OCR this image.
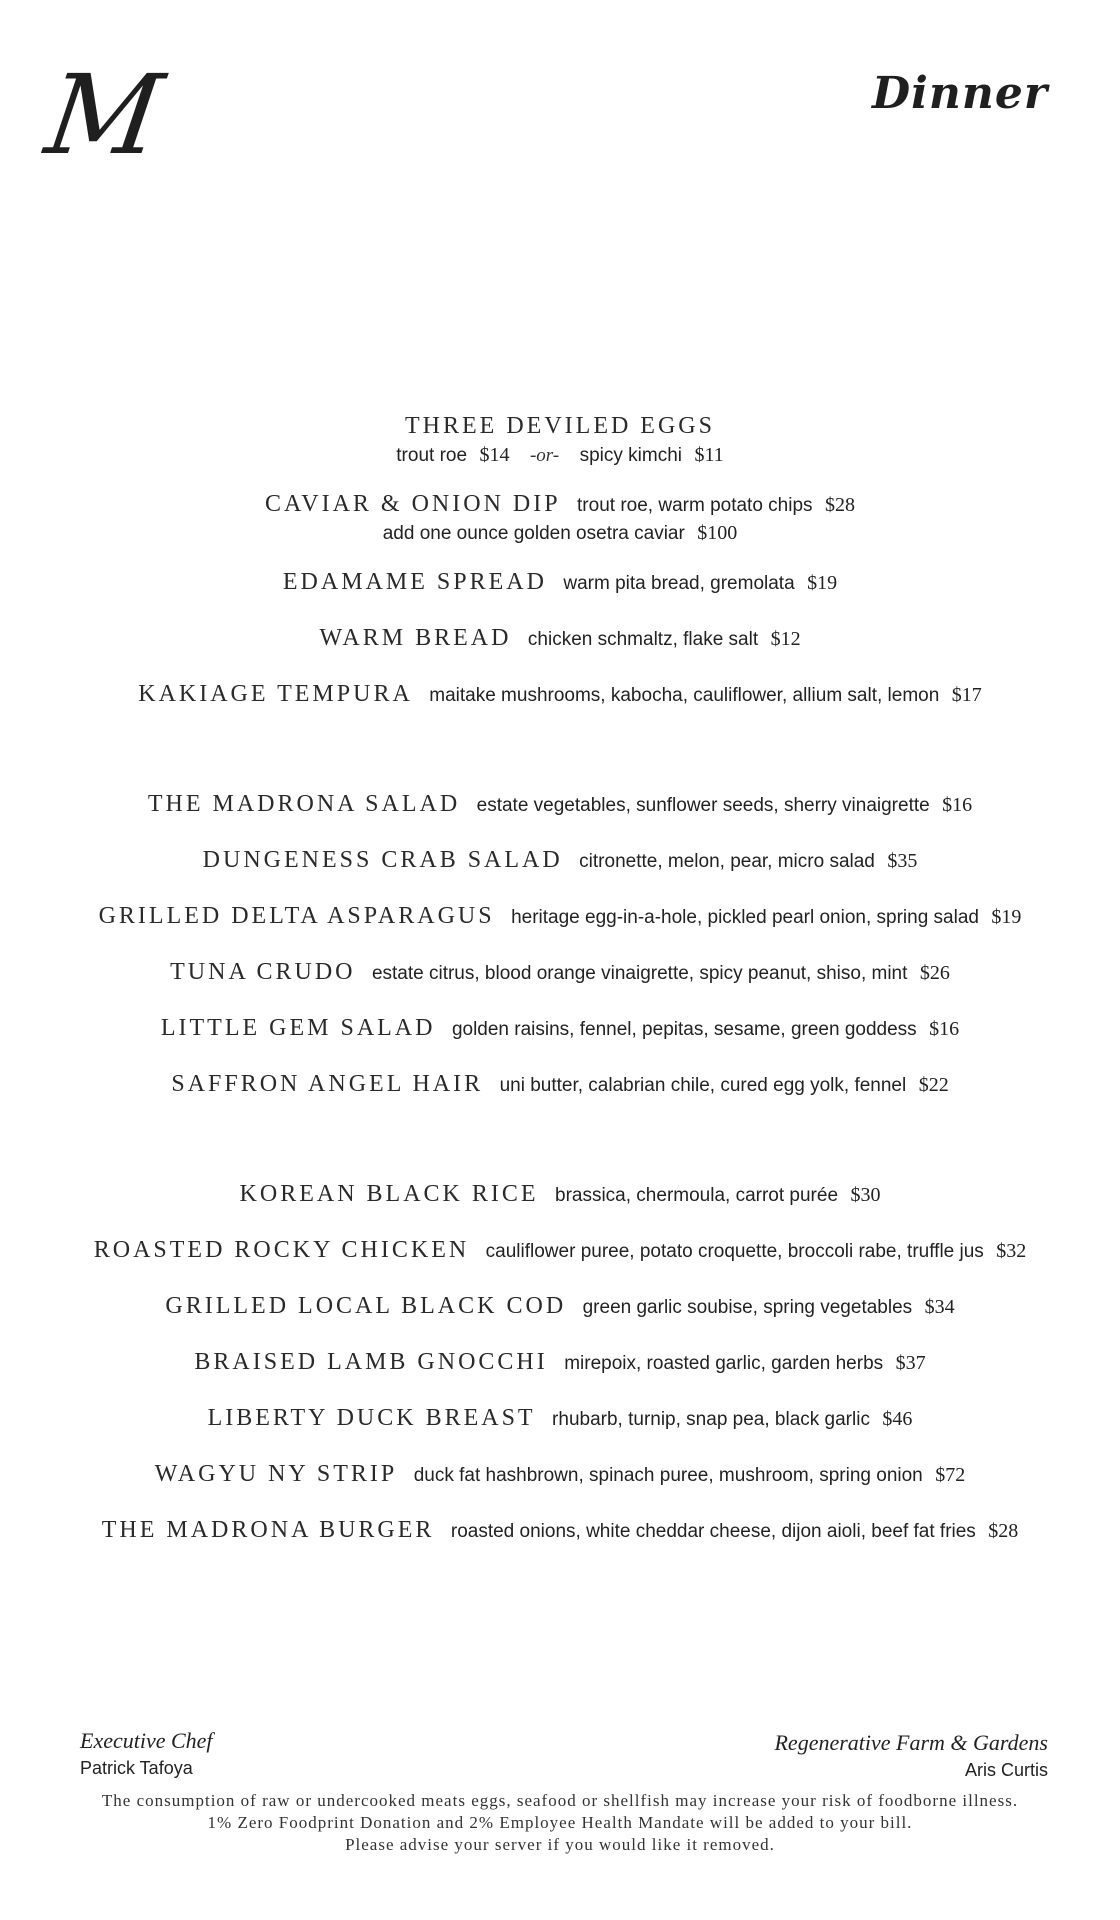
M	Dinner
THREE DEVILED EGGS
trout roe $14 -or- spicy kimchi $11
CAVIAR & ONION DIP trout roe, warm potato chips $28
add one ounce golden osetra caviar $100
EDAMAME SPREAD warm pita bread, gremolata $19
WARM BREAD chicken schmaltz, flake salt $12
KAKIAGE TEMPURA maitake mushrooms, kabocha, cauliflower, allium salt, lemon $17
THE MADRONA SALAD estate vegetables, sunflower seeds, sherry vinaigrette $16
DUNGENESS CRAB SALAD citronette, melon, pear, micro salad $35
GRILLED DELTA ASPARAGUS heritage egg-in-a-hole, pickled pearl onion, spring salad $19
TUNA CRUDO estate citrus, blood orange vinaigrette, spicy peanut, shiso, mint $26
LITTLE GEM SALAD golden raisins, fennel, pepitas, sesame, green goddess $16
SAFFRON ANGEL HAIR uni butter, calabrian chile, cured egg yolk, fennel $22
KOREAN BLACK RICE brassica, chermoula, carrot purée $30
ROASTED ROCKY CHICKEN cauliflower puree, potato croquette, broccoli rabe, truffle jus $32
GRILLED LOCAL BLACK COD green garlic soubise, spring vegetables $34
BRAISED LAMB GNOCCHI mirepoix, roasted garlic, garden herbs $37
LIBERTY DUCK BREAST rhubarb, turnip, snap pea, black garlic $46
WAGYU NY STRIP duck fat hashbrown, spinach puree, mushroom, spring onion $72
THE MADRONA BURGER roasted onions, white cheddar cheese, dijon aioli, beef fat fries $28
Executive Chef
Patrick Tafoya
Regenerative Farm & Gardens
Aris Curtis
The consumption of raw or undercooked meats eggs, seafood or shellfish may increase your risk of foodborne illness.
1% Zero Foodprint Donation and 2% Employee Health Mandate will be added to your bill.
Please advise your server if you would like it removed.
